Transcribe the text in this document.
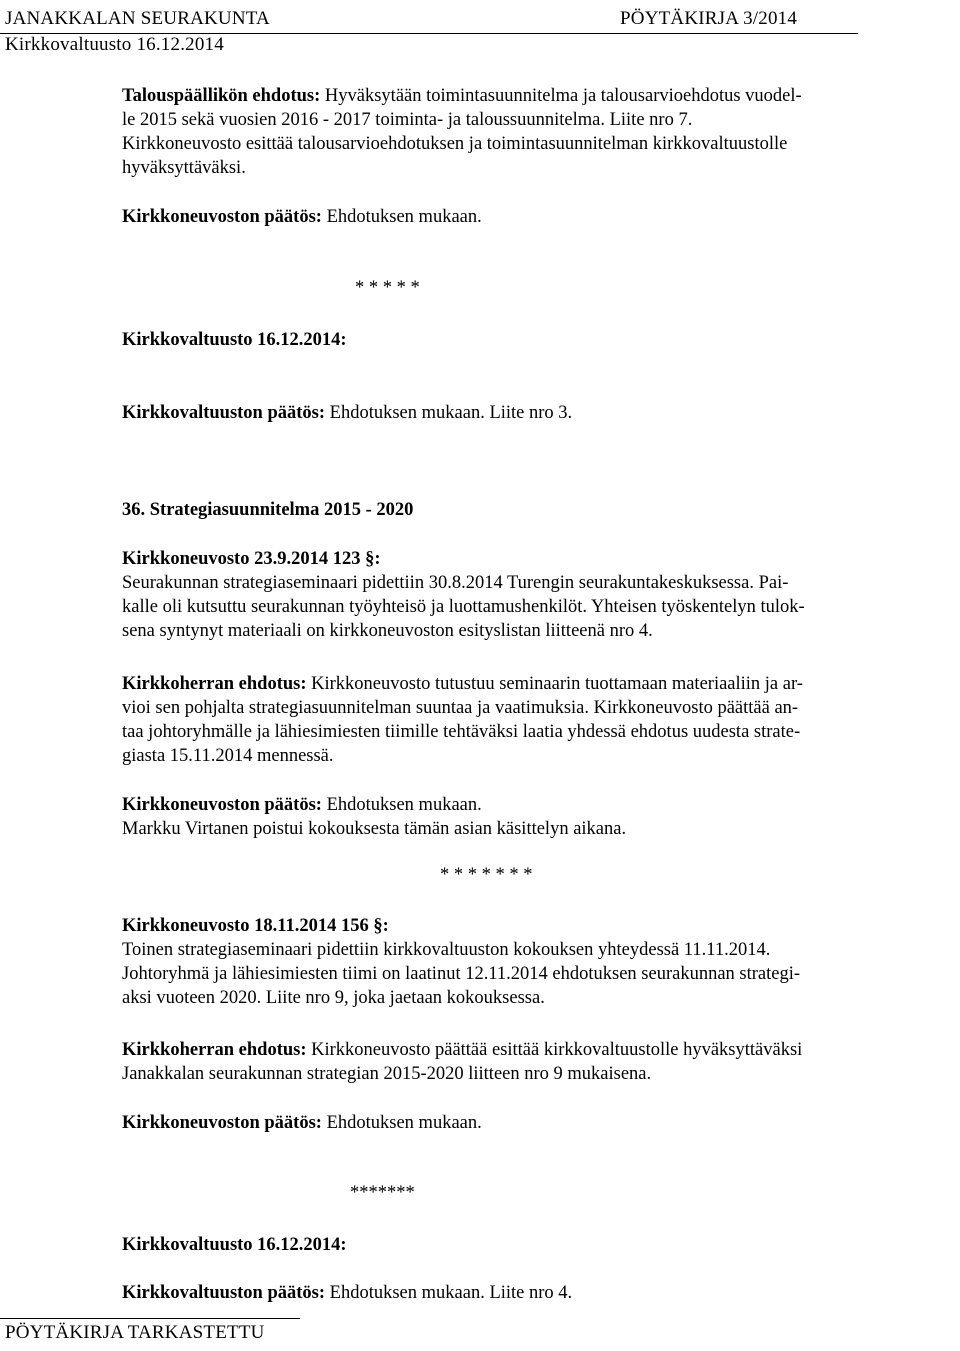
JANAKKALAN SEURAKUNTA	PÖYTÄKIRJA 3/2014
Kirkkovaltuusto 16.12.2014
Talouspäällikön ehdotus: Hyväksytään toimintasuunnitelma ja talousarvioehdotus vuodel-
le 2015 sekä vuosien 2016 - 2017 toiminta- ja taloussuunnitelma. Liite nro 7.
Kirkkoneuvosto esittää talousarvioehdotuksen ja toimintasuunnitelman kirkkovaltuustolle
hyväksyttäväksi.
Kirkkoneuvoston päätös: Ehdotuksen mukaan.
* * * * *
Kirkkovaltuusto 16.12.2014:
Kirkkovaltuuston päätös: Ehdotuksen mukaan. Liite nro 3.
36. Strategiasuunnitelma 2015 - 2020
Kirkkoneuvosto 23.9.2014 123 §:
Seurakunnan strategiaseminaari pidettiin 30.8.2014 Turengin seurakuntakeskuksessa. Pai-
kalle oli kutsuttu seurakunnan työyhteisö ja luottamushenkilöt. Yhteisen työskentelyn tulok-
sena syntynyt materiaali on kirkkoneuvoston esityslistan liitteenä nro 4.
Kirkkoherran ehdotus: Kirkkoneuvosto tutustuu seminaarin tuottamaan materiaaliin ja ar-
vioi sen pohjalta strategiasuunnitelman suuntaa ja vaatimuksia. Kirkkoneuvosto päättää an-
taa johtoryhmälle ja lähiesimiesten tiimille tehtäväksi laatia yhdessä ehdotus uudesta strate-
giasta 15.11.2014 mennessä.
Kirkkoneuvoston päätös: Ehdotuksen mukaan.
Markku Virtanen poistui kokouksesta tämän asian käsittelyn aikana.
* * * * * * *
Kirkkoneuvosto 18.11.2014 156 §:
Toinen strategiaseminaari pidettiin kirkkovaltuuston kokouksen yhteydessä 11.11.2014.
Johtoryhmä ja lähiesimiesten tiimi on laatinut 12.11.2014 ehdotuksen seurakunnan strategi-
aksi vuoteen 2020. Liite nro 9, joka jaetaan kokouksessa.
Kirkkoherran ehdotus: Kirkkoneuvosto päättää esittää kirkkovaltuustolle hyväksyttäväksi
Janakkalan seurakunnan strategian 2015-2020 liitteen nro 9 mukaisena.
Kirkkoneuvoston päätös: Ehdotuksen mukaan.
*******
Kirkkovaltuusto 16.12.2014:
Kirkkovaltuuston päätös: Ehdotuksen mukaan. Liite nro 4.
PÖYTÄKIRJA TARKASTETTU
